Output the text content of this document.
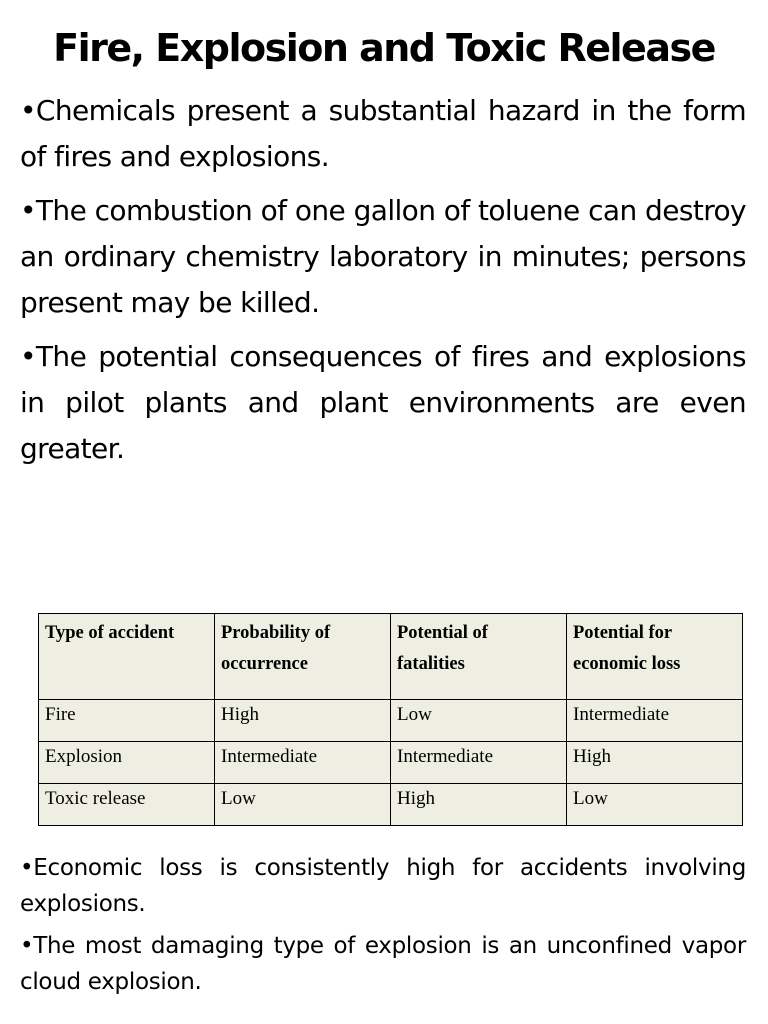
Fire, Explosion and Toxic Release

•Chemicals present a substantial hazard in the form of fires and explosions.

•The combustion of one gallon of toluene can destroy an ordinary chemistry laboratory in minutes; persons present may be killed.

•The potential consequences of fires and explosions in pilot plants and plant environments are even greater.

Type of accident	Probability of occurrence	Potential of fatalities	Potential for economic loss
Fire	High	Low	Intermediate
Explosion	Intermediate	Intermediate	High
Toxic release	Low	High	Low

•Economic loss is consistently high for accidents involving explosions.

•The most damaging type of explosion is an unconfined vapor cloud explosion.
